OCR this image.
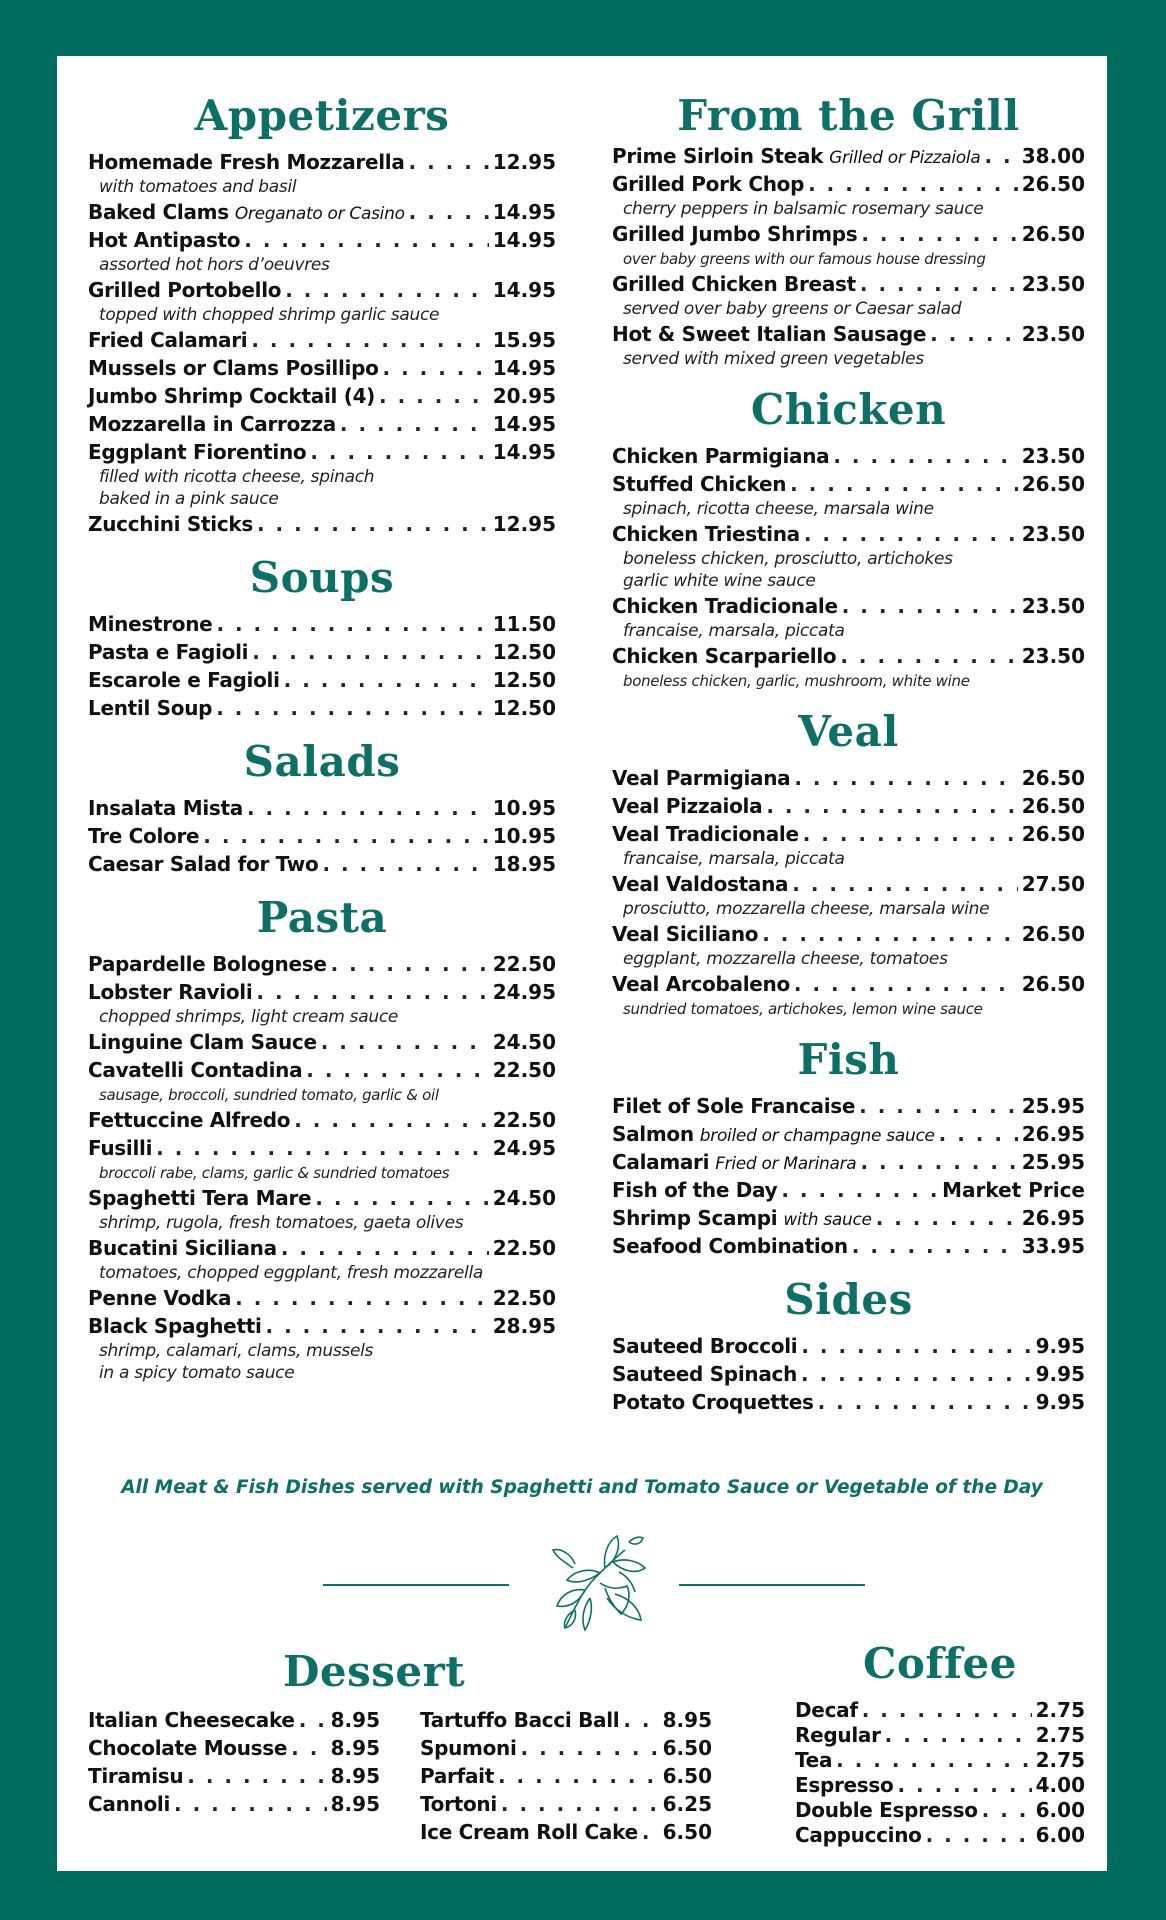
Appetizers
Homemade Fresh Mozzarella . . .	12.95
with tomatoes and basil
Baked Clams Oreganato or Casino . . .	14.95
Hot Antipasto . . .	14.95
assorted hot hors d’oeuvres
Grilled Portobello . . .	14.95
topped with chopped shrimp garlic sauce
Fried Calamari . . .	15.95
Mussels or Clams Posillipo . . .	14.95
Jumbo Shrimp Cocktail (4) . . .	20.95
Mozzarella in Carrozza . . .	14.95
Eggplant Fiorentino . . .	14.95
filled with ricotta cheese, spinach
baked in a pink sauce
Zucchini Sticks . . .	12.95
Soups
Minestrone . . .	11.50
Pasta e Fagioli . . .	12.50
Escarole e Fagioli . . .	12.50
Lentil Soup . . .	12.50
Salads
Insalata Mista . . .	10.95
Tre Colore . . .	10.95
Caesar Salad for Two . . .	18.95
Pasta
Papardelle Bolognese . . .	22.50
Lobster Ravioli . . .	24.95
chopped shrimps, light cream sauce
Linguine Clam Sauce . . .	24.50
Cavatelli Contadina . . .	22.50
sausage, broccoli, sundried tomato, garlic & oil
Fettuccine Alfredo . . .	22.50
Fusilli . . .	24.95
broccoli rabe, clams, garlic & sundried tomatoes
Spaghetti Tera Mare . . .	24.50
shrimp, rugola, fresh tomatoes, gaeta olives
Bucatini Siciliana . . .	22.50
tomatoes, chopped eggplant, fresh mozzarella
Penne Vodka . . .	22.50
Black Spaghetti . . .	28.95
shrimp, calamari, clams, mussels
in a spicy tomato sauce
From the Grill
Prime Sirloin Steak Grilled or Pizzaiola . . . 38.00
Grilled Pork Chop . . .	26.50
cherry peppers in balsamic rosemary sauce
Grilled Jumbo Shrimps . . .	26.50
over baby greens with our famous house dressing
Grilled Chicken Breast . . .	23.50
served over baby greens or Caesar salad
Hot & Sweet Italian Sausage . . .	23.50
served with mixed green vegetables
Chicken
Chicken Parmigiana . . .	23.50
Stuffed Chicken . . .	26.50
spinach, ricotta cheese, marsala wine
Chicken Triestina . . .	23.50
boneless chicken, prosciutto, artichokes
garlic white wine sauce
Chicken Tradicionale . . .	23.50
francaise, marsala, piccata
Chicken Scarpariello . . .	23.50
boneless chicken, garlic, mushroom, white wine
Veal
Veal Parmigiana . . .	26.50
Veal Pizzaiola . . .	26.50
Veal Tradicionale . . .	26.50
francaise, marsala, piccata
Veal Valdostana . . .	27.50
prosciutto, mozzarella cheese, marsala wine
Veal Siciliano . . .	26.50
eggplant, mozzarella cheese, tomatoes
Veal Arcobaleno . . .	26.50
sundried tomatoes, artichokes, lemon wine sauce
Fish
Filet of Sole Francaise . . .	25.95
Salmon broiled or champagne sauce . . .	26.95
Calamari Fried or Marinara . . .	25.95
Fish of the Day . . .	Market Price
Shrimp Scampi with sauce . . .	26.95
Seafood Combination . . .	33.95
Sides
Sauteed Broccoli . . .	9.95
Sauteed Spinach . . .	9.95
Potato Croquettes . . .	9.95
All Meat & Fish Dishes served with Spaghetti and Tomato Sauce or Vegetable of the Day
Dessert
Italian Cheesecake . . . 8.95
Chocolate Mousse . . . 8.95
Tiramisu . . .	8.95
Cannoli . . .	8.95
Tartuffo Bacci Ball . . . 8.95
Spumoni . . .	6.50
Parfait . . .	6.50
Tortoni . . .	6.25
Ice Cream Roll Cake . . . 6.50
Coffee
Decaf . . .	2.75
Regular . . .	2.75
Tea . . .	2.75
Espresso . . .	4.00
Double Espresso . . .	6.00
Cappuccino . . .	6.00
